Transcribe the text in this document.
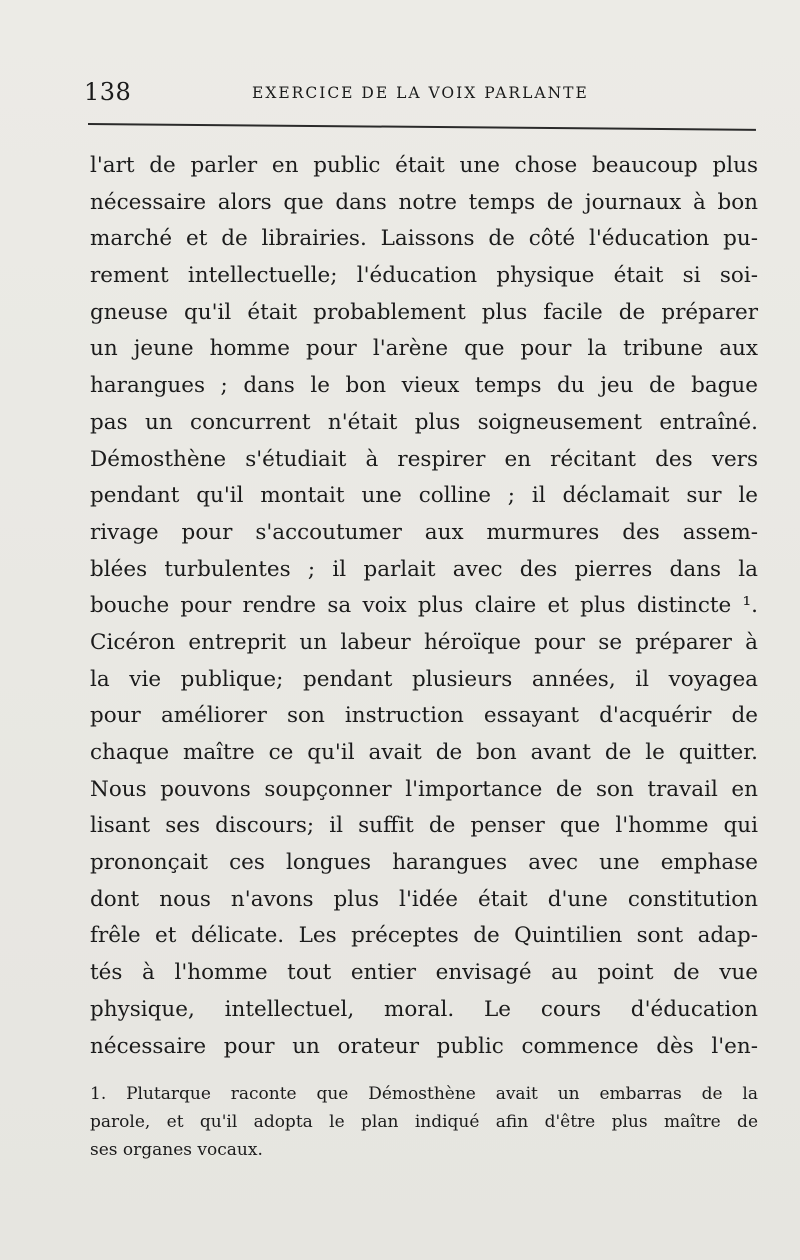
138	EXERCICE DE LA VOIX PARLANTE
l'art de parler en public était une chose beaucoup plus
nécessaire alors que dans notre temps de journaux à bon
marché et de librairies. Laissons de côté l'éducation pu-
rement intellectuelle; l'éducation physique était si soi-
gneuse qu'il était probablement plus facile de préparer
un jeune homme pour l'arène que pour la tribune aux
harangues ; dans le bon vieux temps du jeu de bague
pas un concurrent n'était plus soigneusement entraîné.
Démosthène s'étudiait à respirer en récitant des vers
pendant qu'il montait une colline ; il déclamait sur le
rivage pour s'accoutumer aux murmures des assem-
blées turbulentes ; il parlait avec des pierres dans la
bouche pour rendre sa voix plus claire et plus distincte ¹.
Cicéron entreprit un labeur héroïque pour se préparer à
la vie publique; pendant plusieurs années, il voyagea
pour améliorer son instruction essayant d'acquérir de
chaque maître ce qu'il avait de bon avant de le quitter.
Nous pouvons soupçonner l'importance de son travail en
lisant ses discours; il suffit de penser que l'homme qui
prononçait ces longues harangues avec une emphase
dont nous n'avons plus l'idée était d'une constitution
frêle et délicate. Les préceptes de Quintilien sont adap-
tés à l'homme tout entier envisagé au point de vue
physique, intellectuel, moral. Le cours d'éducation
nécessaire pour un orateur public commence dès l'en-
1. Plutarque raconte que Démosthène avait un embarras de la
parole, et qu'il adopta le plan indiqué afin d'être plus maître de
ses organes vocaux.
